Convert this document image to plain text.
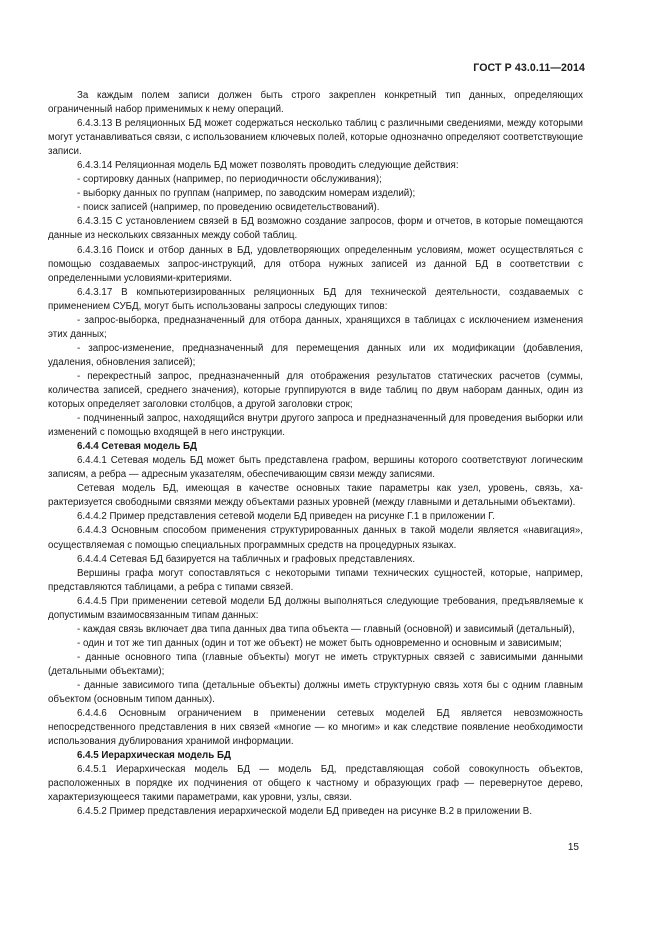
ГОСТ Р 43.0.11—2014

За каждым полем записи должен быть строго закреплен конкретный тип данных, определяющих ограниченный набор применимых к нему операций.

6.4.3.13 В реляционных БД может содержаться несколько таблиц с различными сведениями, между которыми могут устанавливаться связи, с использованием ключевых полей, которые однозначно определяют соответствующие записи.

6.4.3.14 Реляционная модель БД может позволять проводить следующие действия:

- сортировку данных (например, по периодичности обслуживания);

- выборку данных по группам (например, по заводским номерам изделий);

- поиск записей (например, по проведению освидетельствований).

6.4.3.15 С установлением связей в БД возможно создание запросов, форм и отчетов, в которые помещаются данные из нескольких связанных между собой таблиц.

6.4.3.16 Поиск и отбор данных в БД, удовлетворяющих определенным условиям, может осуществляться с помощью создаваемых запрос-инструкций, для отбора нужных записей из данной БД в соответствии с определенными условиями-критериями.

6.4.3.17 В компьютеризированных реляционных БД для технической деятельности, создаваемых с применением СУБД, могут быть использованы запросы следующих типов:

- запрос-выборка, предназначенный для отбора данных, хранящихся в таблицах с исключением изменения этих данных;

- запрос-изменение, предназначенный для перемещения данных или их модификации (добавления, удаления, обновления записей);

- перекрестный запрос, предназначенный для отображения результатов статических расчетов (суммы, количества записей, среднего значения), которые группируются в виде таблиц по двум наборам данных, один из которых определяет заголовки столбцов, а другой заголовки строк;

- подчиненный запрос, находящийся внутри другого запроса и предназначенный для проведения выборки или изменений с помощью входящей в него инструкции.

6.4.4 Сетевая модель БД

6.4.4.1 Сетевая модель БД может быть представлена графом, вершины которого соответствуют логическим записям, а ребра — адресным указателям, обеспечивающим связи между записями.

Сетевая модель БД, имеющая в качестве основных такие параметры как узел, уровень, связь, характеризуется свободными связями между объектами разных уровней (между главными и детальными объектами).

6.4.4.2 Пример представления сетевой модели БД приведен на рисунке Г.1 в приложении Г.

6.4.4.3 Основным способом применения структурированных данных в такой модели является «навигация», осуществляемая с помощью специальных программных средств на процедурных языках.

6.4.4.4 Сетевая БД базируется на табличных и графовых представлениях.

Вершины графа могут сопоставляться с некоторыми типами технических сущностей, которые, например, представляются таблицами, а ребра с типами связей.

6.4.4.5 При применении сетевой модели БД должны выполняться следующие требования, предъявляемые к допустимым взаимосвязанным типам данных:

- каждая связь включает два типа данных два типа объекта — главный (основной) и зависимый (детальный),

- один и тот же тип данных (один и тот же объект) не может быть одновременно и основным и зависимым;

- данные основного типа (главные объекты) могут не иметь структурных связей с зависимыми данными (детальными объектами);

- данные зависимого типа (детальные объекты) должны иметь структурную связь хотя бы с одним главным объектом (основным типом данных).

6.4.4.6 Основным ограничением в применении сетевых моделей БД является невозможность непосредственного представления в них связей «многие — ко многим» и как следствие появление необходимости использования дублирования хранимой информации.

6.4.5 Иерархическая модель БД

6.4.5.1 Иерархическая модель БД — модель БД, представляющая собой совокупность объектов, расположенных в порядке их подчинения от общего к частному и образующих граф — перевернутое дерево, характеризующееся такими параметрами, как уровни, узлы, связи.

6.4.5.2 Пример представления иерархической модели БД приведен на рисунке В.2 в приложении В.

15
